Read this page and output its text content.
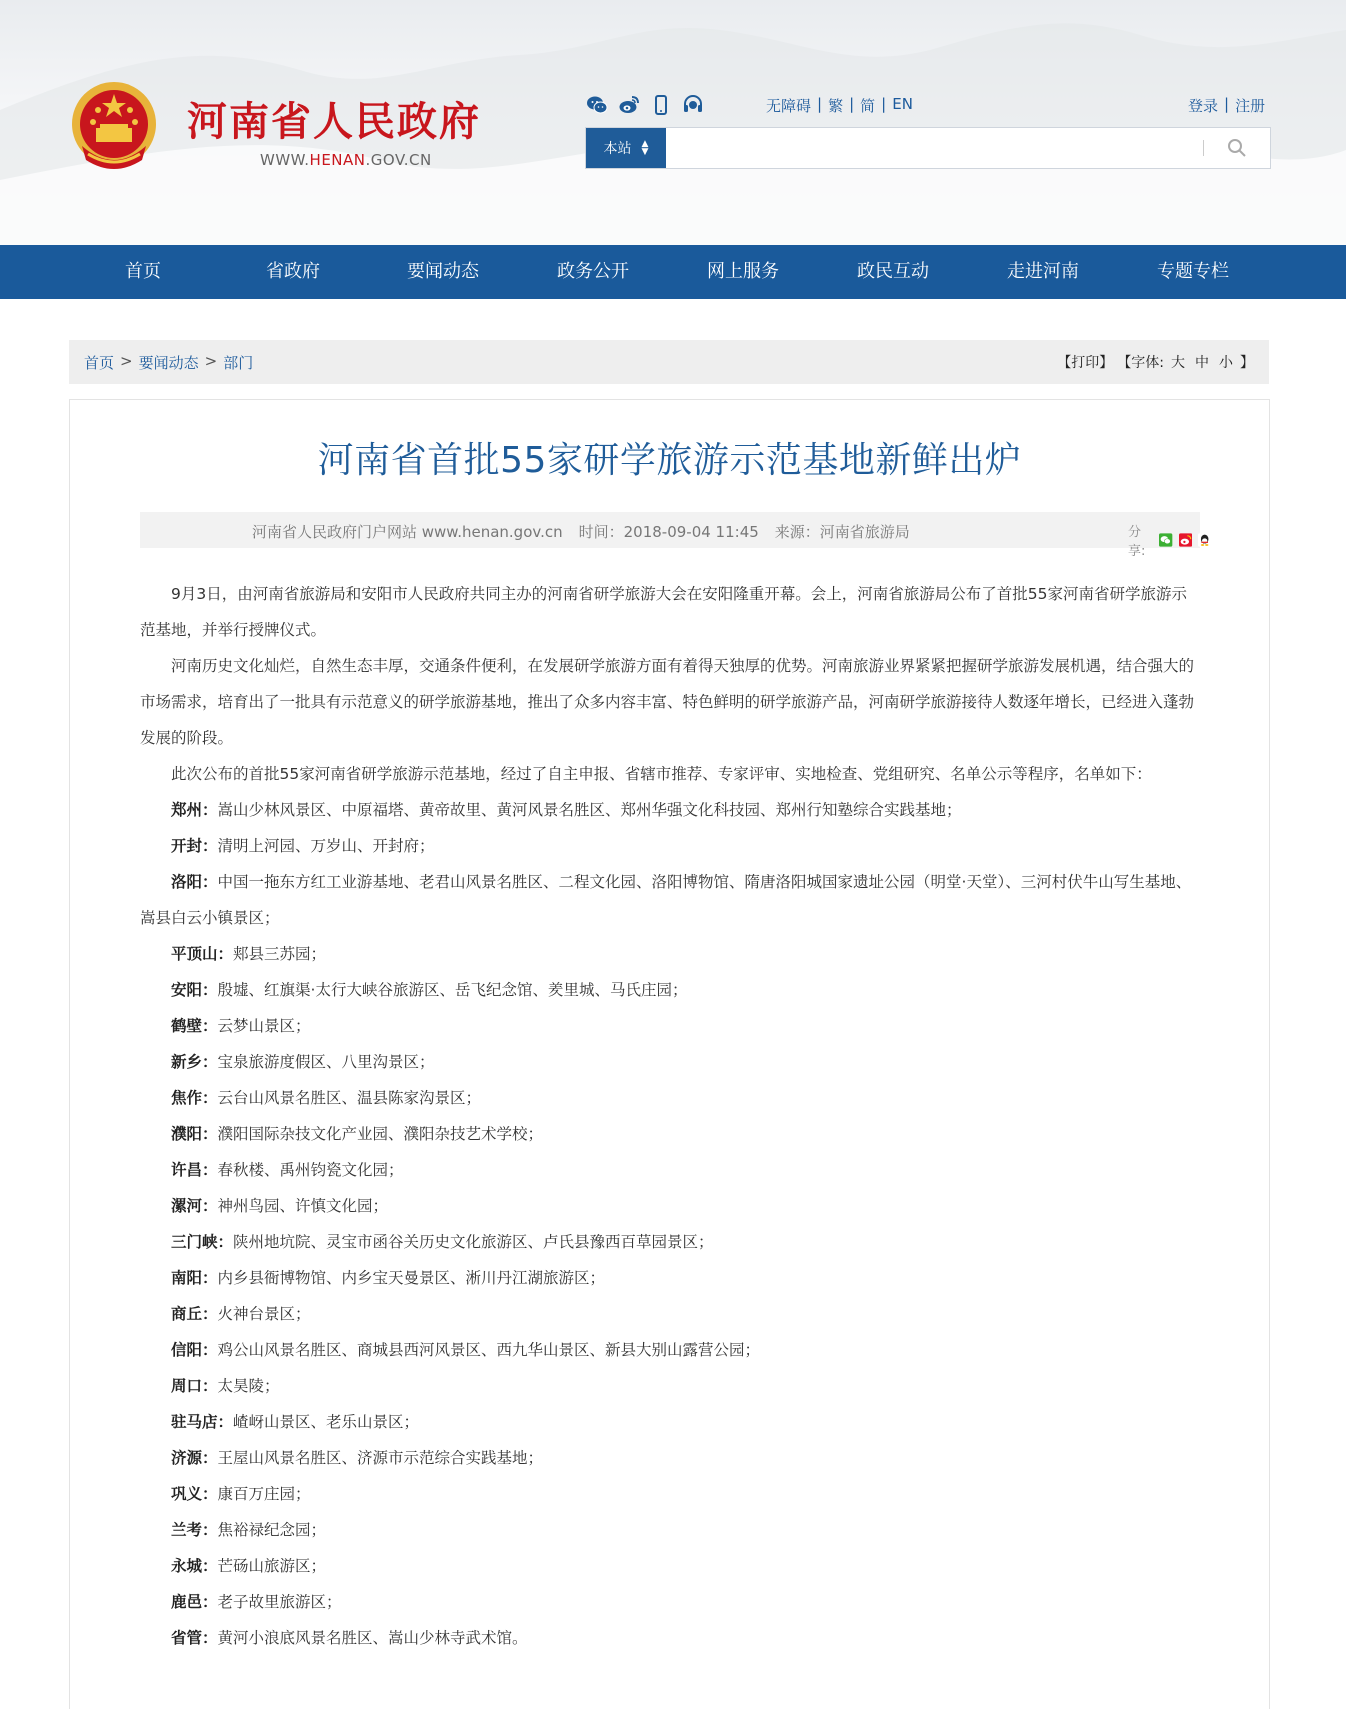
河南省人民政府
WWW.HENAN.GOV.CN
无障碍 | 繁 | 简 | EN	登录 | 注册
本站 ▲
▼
首页	省政府	要闻动态	政务公开	网上服务	政民互动	走进河南	专题专栏
首页 > 要闻动态 > 部门	【打印】 【字体: 大 中 小 】
河南省首批55家研学旅游示范基地新鲜出炉
河南省人民政府门户网站 www.henan.gov.cn 时间：2018-09-04 11:45 来源：河南省旅游局	分享:

9月3日，由河南省旅游局和安阳市人民政府共同主办的河南省研学旅游大会在安阳隆重开幕。会上，河南省旅游局公布了首批55家河南省研学旅游示范基地，并举行授牌仪式。

河南历史文化灿烂，自然生态丰厚，交通条件便利，在发展研学旅游方面有着得天独厚的优势。河南旅游业界紧紧把握研学旅游发展机遇，结合强大的市场需求，培育出了一批具有示范意义的研学旅游基地，推出了众多内容丰富、特色鲜明的研学旅游产品，河南研学旅游接待人数逐年增长，已经进入蓬勃发展的阶段。

此次公布的首批55家河南省研学旅游示范基地，经过了自主申报、省辖市推荐、专家评审、实地检查、党组研究、名单公示等程序，名单如下：

郑州：嵩山少林风景区、中原福塔、黄帝故里、黄河风景名胜区、郑州华强文化科技园、郑州行知塾综合实践基地；

开封：清明上河园、万岁山、开封府；

洛阳：中国一拖东方红工业游基地、老君山风景名胜区、二程文化园、洛阳博物馆、隋唐洛阳城国家遗址公园（明堂·天堂）、三河村伏牛山写生基地、嵩县白云小镇景区；

平顶山：郏县三苏园；

安阳：殷墟、红旗渠·太行大峡谷旅游区、岳飞纪念馆、羑里城、马氏庄园；

鹤壁：云梦山景区；

新乡：宝泉旅游度假区、八里沟景区；

焦作：云台山风景名胜区、温县陈家沟景区；

濮阳：濮阳国际杂技文化产业园、濮阳杂技艺术学校；

许昌：春秋楼、禹州钧瓷文化园；

漯河：神州鸟园、许慎文化园；

三门峡：陕州地坑院、灵宝市函谷关历史文化旅游区、卢氏县豫西百草园景区；

南阳：内乡县衙博物馆、内乡宝天曼景区、淅川丹江湖旅游区；

商丘：火神台景区；

信阳：鸡公山风景名胜区、商城县西河风景区、西九华山景区、新县大别山露营公园；

周口：太昊陵；

驻马店：嵖岈山景区、老乐山景区；

济源：王屋山风景名胜区、济源市示范综合实践基地；

巩义：康百万庄园；

兰考：焦裕禄纪念园；

永城：芒砀山旅游区；

鹿邑：老子故里旅游区；

省管：黄河小浪底风景名胜区、嵩山少林寺武术馆。
